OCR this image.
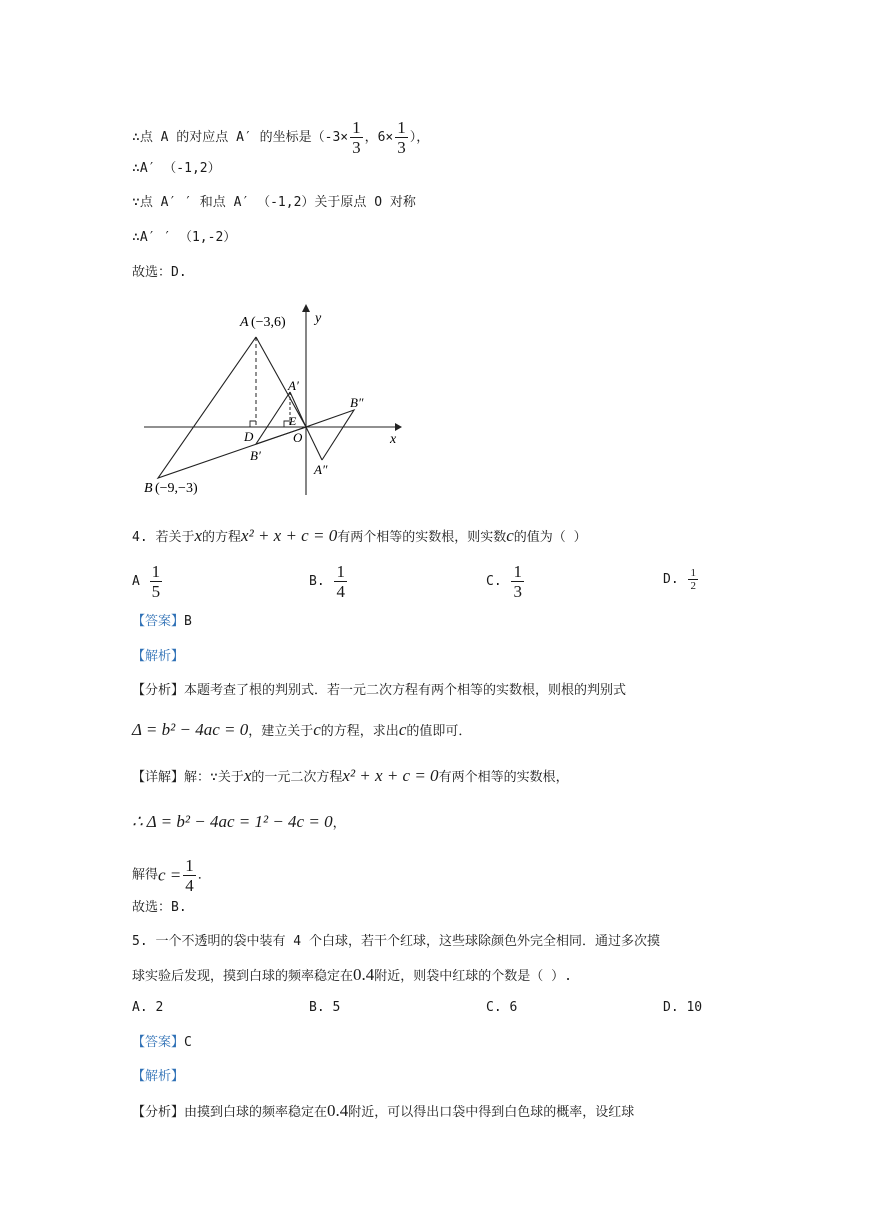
∴点 A 的对应点 A′ 的坐标是（$-3\times \frac{1}{3}$ ，$6\times \frac{1}{3}$ ），
∴A′ （-1,2）
∵点 A′ ′ 和点 A′ （-1,2）关于原点 O 对称
∴A′ ′ （1,-2）
故选：D.
A (−3,6)
B (−9,−3)
A′
B′
A″
B″
D
E
O	x
y
4. 若关于x的方程x² + x + c = 0有两个相等的实数根，则实数c的值为（ ）
A $\frac{1}{5}$	B. $\frac{1}{4}$	C. $\frac{1}{3}$	D. $\frac{1}{2}$
【答案】B
【解析】
【分析】本题考查了根的判别式．若一元二次方程有两个相等的实数根，则根的判别式
Δ = b² − 4ac = 0，建立关于c的方程，求出c的值即可．
【详解】解：∵关于x的一元二次方程x² + x + c = 0有两个相等的实数根，
∴ Δ = b² − 4ac = 1² − 4c = 0，
解得$c = \frac{1}{4}$ ．
故选：B.
5. 一个不透明的袋中装有 4 个白球，若干个红球，这些球除颜色外完全相同．通过多次摸
球实验后发现，摸到白球的频率稳定在0.4附近，则袋中红球的个数是（ ）.
A. 2	B. 5	C. 6	D. 10
【答案】C
【解析】
【分析】由摸到白球的频率稳定在0.4附近，可以得出口袋中得到白色球的概率，设红球
